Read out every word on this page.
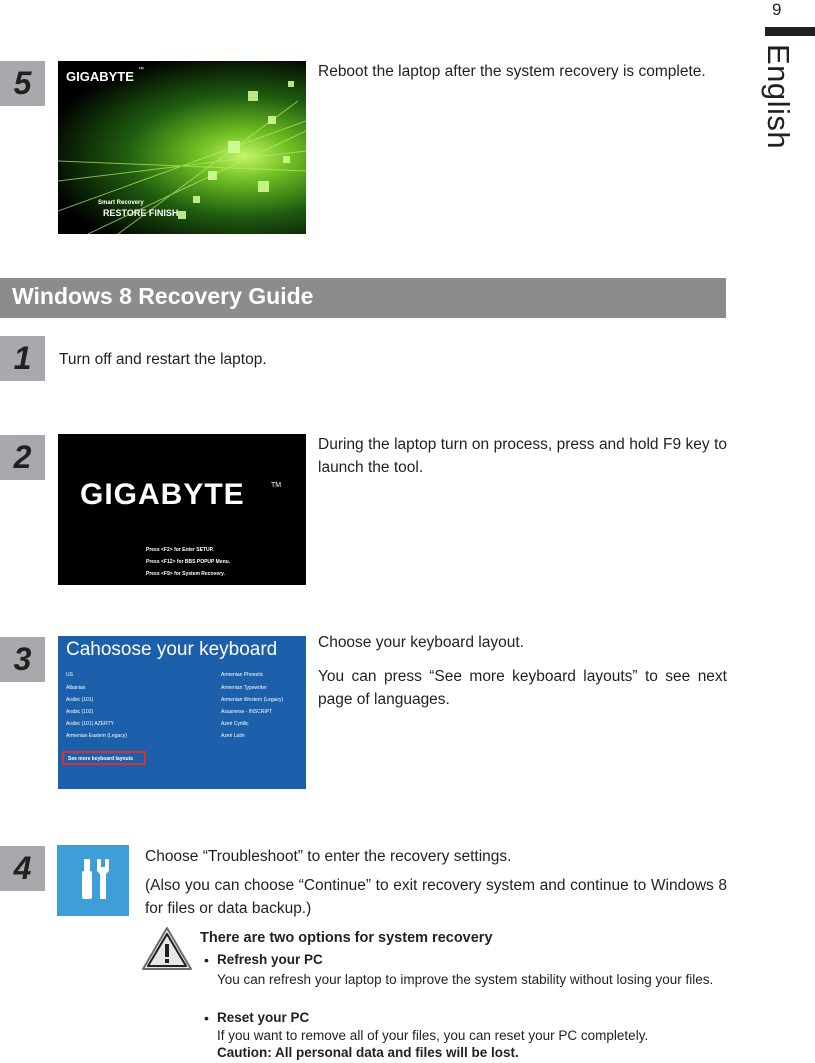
9
English
5	GIGABYTE ™
Smart Recovery
RESTORE FINISH
Reboot the laptop after the system recovery is complete.
Windows 8 Recovery Guide
1	Turn off and restart the laptop.
2
GIGABYTE	TM
Press <F2> for Enter SETUP.
Press <F12> for BBS POPUP Menu.
Press <F9> for System Recovery.
During the laptop turn on process, press and hold F9 key to launch the tool.
3	Cahosose your keyboard
US
Albanian
Arabic (101)
Arabic (102)
Arabic (101) AZERTY
Armenian Eastern (Legacy)
Armenian Phonetic
Armenian Typewriter
Armenian Western (Legacy)
Assamese - INSCRIPT
Azeri Cyrillic
Azeri Latin
See more keyboard layouts
Choose your keyboard layout.
You can press “See more keyboard layouts” to see next page of languages.
4	Choose “Troubleshoot” to enter the recovery settings.
(Also you can choose “Continue” to exit recovery system and continue to Windows 8 for files or data backup.)
There are two options for system recovery
• Refresh your PC
You can refresh your laptop to improve the system stability without losing your files.
• Reset your PC
If you want to remove all of your files, you can reset your PC completely.
Caution: All personal data and files will be lost.
